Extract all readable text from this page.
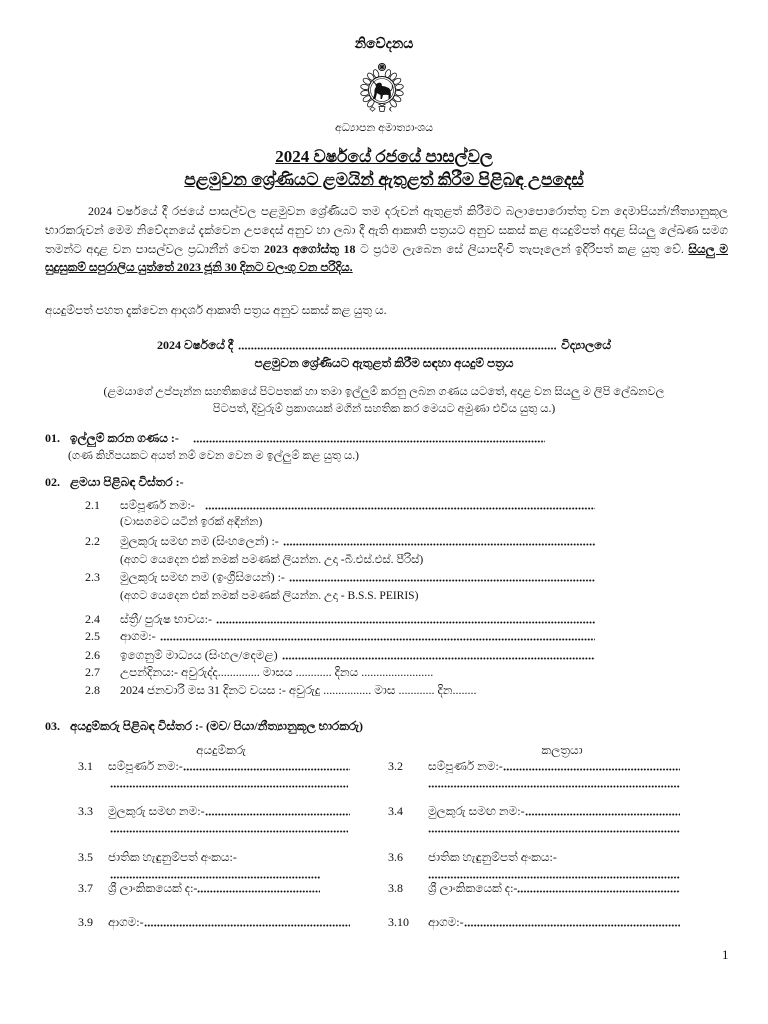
නිවේදනය
අධ්‍යාපන අමාත්‍යාංශය
2024 වර්ෂයේ රජයේ පාසල්වල
පළමුවන ශ්‍රේණියට ළමයින් ඇතුළත් කිරීම පිළිබඳ උපදෙස්

2024 වර්ෂයේ දී රජයේ පාසල්වල පළමුවන ශ්‍රේණියට තම දරුවන් ඇතුළත් කිරීමට බලාපොරොත්තු වන දෙමාපියන්/නීත්‍යානුකූල භාරකරුවන් මෙම නිවේදනයේ දැක්වෙන උපදෙස් අනුව හා ලබා දී ඇති ආකෘති පත්‍රයට අනුව සකස් කළ අයදුම්පත් අදාළ සියලු ලේඛණ සමග තමන්ට අදාළ වන පාසල්වල ප්‍රධානීන් වෙත 2023 අගෝස්තු 18 ට ප්‍රථම ලැබෙන සේ ලියාපදිංචි තැපෑලෙන් ඉදිරිපත් කළ යුතු වේ. සියලු ම සුදුසුකම් සපුරාලිය යුත්තේ 2023 ජූනි 30 දිනට වලංගු වන පරිදිය.

අයදුම්පත් පහත දැක්වෙන ආදර්ශ ආකෘති පත්‍රය අනුව සකස් කළ යුතු ය.
2024 වර්ෂයේ දී	විද්‍යාලයේ
පළමුවන ශ්‍රේණියට ඇතුළත් කිරීම සඳහා අයදුම් පත්‍රය
(ළමයාගේ උප්පැන්න සහතිකයේ පිටපතක් හා තමා ඉල්ලුම් කරනු ලබන ගණය යටතේ, අදාළ වන සියලු ම ලිපි ලේඛනවල
පිටපත්, දිවුරුම් ප්‍රකාශයක් මගින් සහතික කර මෙයට අමුණා එවිය යුතු ය.)
01. ඉල්ලුම් කරන ගණය :-
(ගණ කිහිපයකට අයත් නම් වෙන වෙන ම ඉල්ලුම් කළ යුතු ය.)
02. ළමයා පිළිබඳ විස්තර :-
2.1	සම්පූර්ණ නම:-
(වාසගමට යටින් ඉරක් අඳින්න)
2.2	මුලකුරු සමඟ නම (සිංහලෙන්) :-
(අගට යෙදෙන එක් නමක් පමණක් ලියන්න. උදා -බී.එස්.එස්. පීරිස්)
2.3	මුලකුරු සමඟ නම (ඉංග්‍රීසියෙන්) :-
(අගට යෙදෙන එක් නමක් පමණක් ලියන්න. උදා - B.S.S. PEIRIS)
2.4	ස්ත්‍රී/ පුරුෂ භාවය:-
2.5	ආගම:-
2.6	ඉගෙනුම් මාධ්‍යය (සිංහල/දෙමළ)
2.7	උපන්දිනය:- අවුරුද්ද.............. මාසය ............ දිනය ........................
2.8	2024 ජනවාරි මස 31 දිනට වයස :- අවුරුදු ................ මාස ............ දින........
03. අයදුම්කරු පිළිබඳ විස්තර :- (මව/ පියා/නීත්‍යානුකූල භාරකරු)
අයදුම්කරු	කලත්‍රයා
3.1	සම්පූර්ණ නම:-	3.2	සම්පූර්ණ නම:-
3.3	මුලකුරු සමඟ නම:-	3.4	මුලකුරු සමඟ නම:-
3.5	ජාතික හැඳුනුම්පත් අංකය:-	3.6	ජාතික හැඳුනුම්පත් අංකය:-
3.7	ශ්‍රී ලාංකිකයෙක් ද:-	3.8	ශ්‍රී ලාංකිකයෙක් ද:-
3.9	ආගම:-	3.10	ආගම:-
1
